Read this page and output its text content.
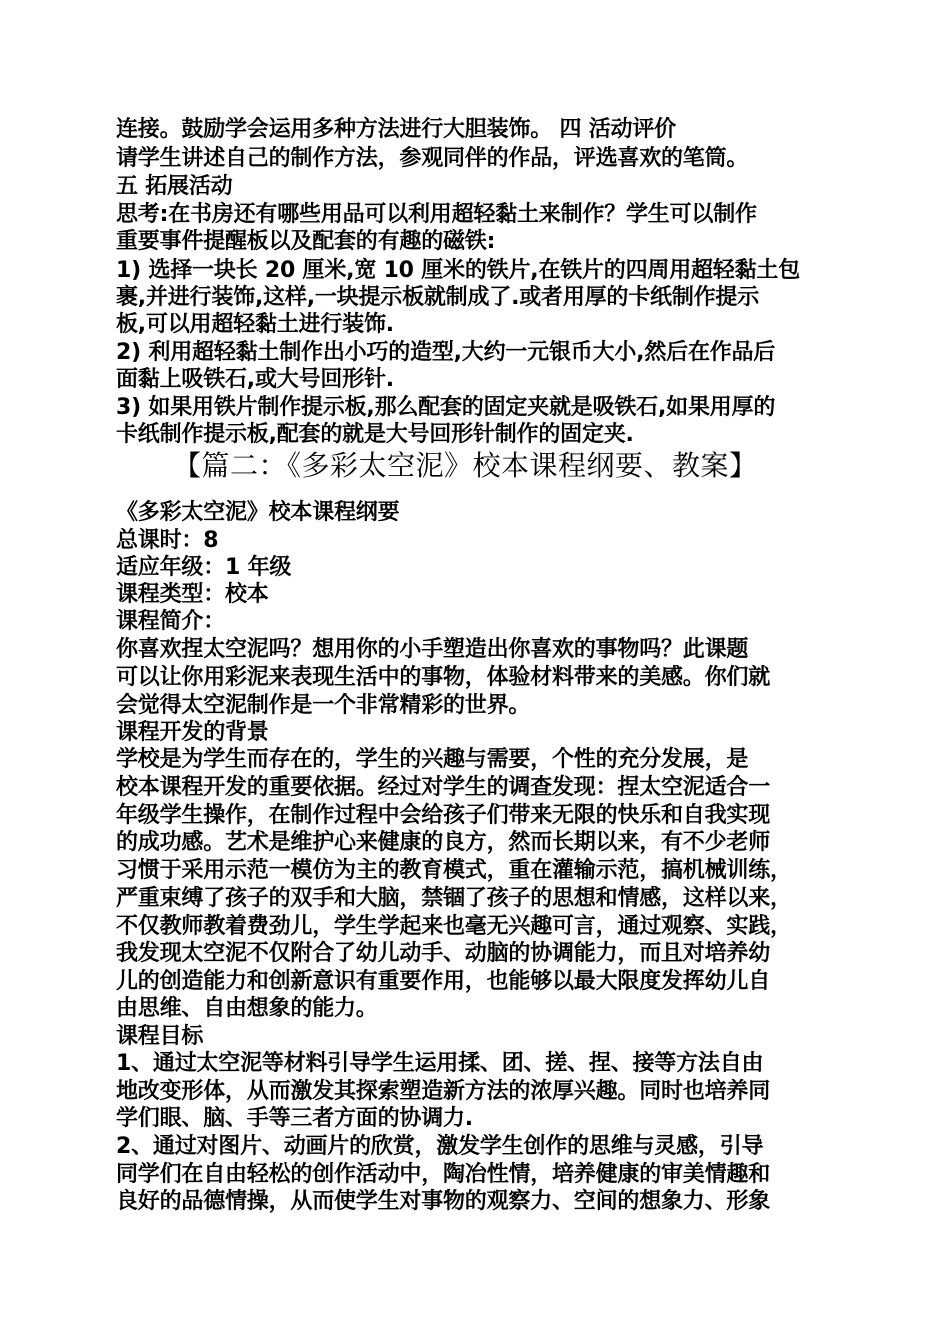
连接。鼓励学会运用多种方法进行大胆装饰。 四 活动评价
请学生讲述自己的制作方法，参观同伴的作品，评选喜欢的笔筒。
五 拓展活动
思考:在书房还有哪些用品可以利用超轻黏土来制作？学生可以制作
重要事件提醒板以及配套的有趣的磁铁:
1) 选择一块长 20 厘米,宽 10 厘米的铁片,在铁片的四周用超轻黏土包
裹,并进行装饰,这样,一块提示板就制成了.或者用厚的卡纸制作提示
板,可以用超轻黏土进行装饰.
2) 利用超轻黏土制作出小巧的造型,大约一元银币大小,然后在作品后
面黏上吸铁石,或大号回形针.
3) 如果用铁片制作提示板,那么配套的固定夹就是吸铁石,如果用厚的
卡纸制作提示板,配套的就是大号回形针制作的固定夹.
【篇二：《多彩太空泥》校本课程纲要、教案】
《多彩太空泥》校本课程纲要
总课时：8
适应年级：1 年级
课程类型：校本
课程简介：
你喜欢捏太空泥吗？想用你的小手塑造出你喜欢的事物吗？此课题
可以让你用彩泥来表现生活中的事物，体验材料带来的美感。你们就
会觉得太空泥制作是一个非常精彩的世界。
课程开发的背景
学校是为学生而存在的，学生的兴趣与需要，个性的充分发展，是
校本课程开发的重要依据。经过对学生的调查发现：捏太空泥适合一
年级学生操作，在制作过程中会给孩子们带来无限的快乐和自我实现
的成功感。艺术是维护心来健康的良方，然而长期以来，有不少老师
习惯于采用示范一模仿为主的教育模式，重在灌输示范，搞机械训练，
严重束缚了孩子的双手和大脑，禁锢了孩子的思想和情感，这样以来，
不仅教师教着费劲儿，学生学起来也毫无兴趣可言，通过观察、实践，
我发现太空泥不仅附合了幼儿动手、动脑的协调能力，而且对培养幼
儿的创造能力和创新意识有重要作用，也能够以最大限度发挥幼儿自
由思维、自由想象的能力。
课程目标
1、通过太空泥等材料引导学生运用揉、团、搓、捏、接等方法自由
地改变形体，从而激发其探索塑造新方法的浓厚兴趣。同时也培养同
学们眼、脑、手等三者方面的协调力.
2、通过对图片、动画片的欣赏，激发学生创作的思维与灵感，引导
同学们在自由轻松的创作活动中，陶冶性情，培养健康的审美情趣和
良好的品德情操，从而使学生对事物的观察力、空间的想象力、形象
